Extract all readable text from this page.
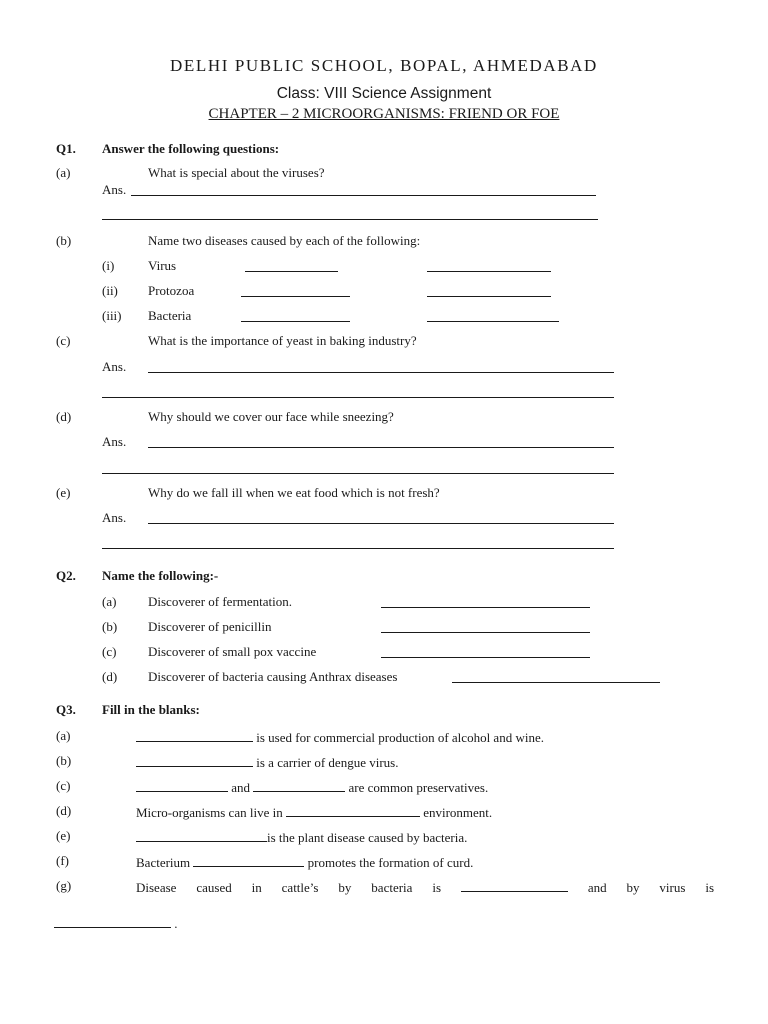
DELHI PUBLIC SCHOOL, BOPAL, AHMEDABAD
Class: VIII Science Assignment
CHAPTER – 2 MICROORGANISMS: FRIEND OR FOE
Q1. Answer the following questions:
(a)	What is special about the viruses?
Ans.
(b)	Name two diseases caused by each of the following:
(i)	Virus
(ii) Protozoa
(iii) Bacteria
(c)	What is the importance of yeast in baking industry?
Ans.
(d)	Why should we cover our face while sneezing?
Ans.
(e)	Why do we fall ill when we eat food which is not fresh?
Ans.
Q2. Name the following:-
(a) Discoverer of fermentation.
(b) Discoverer of penicillin
(c) Discoverer of small pox vaccine
(d) Discoverer of bacteria causing Anthrax diseases
Q3. Fill in the blanks:
(a)	is used for commercial production of alcohol and wine.
(b)	is a carrier of dengue virus.
(c)	and	are common preservatives.
(d)	Micro-organisms can live in	environment.
(e)	is the plant disease caused by bacteria.
(f)	Bacterium	promotes the formation of curd.
(g)	Disease caused in cattle’s by bacteria is	and by virus is
.
